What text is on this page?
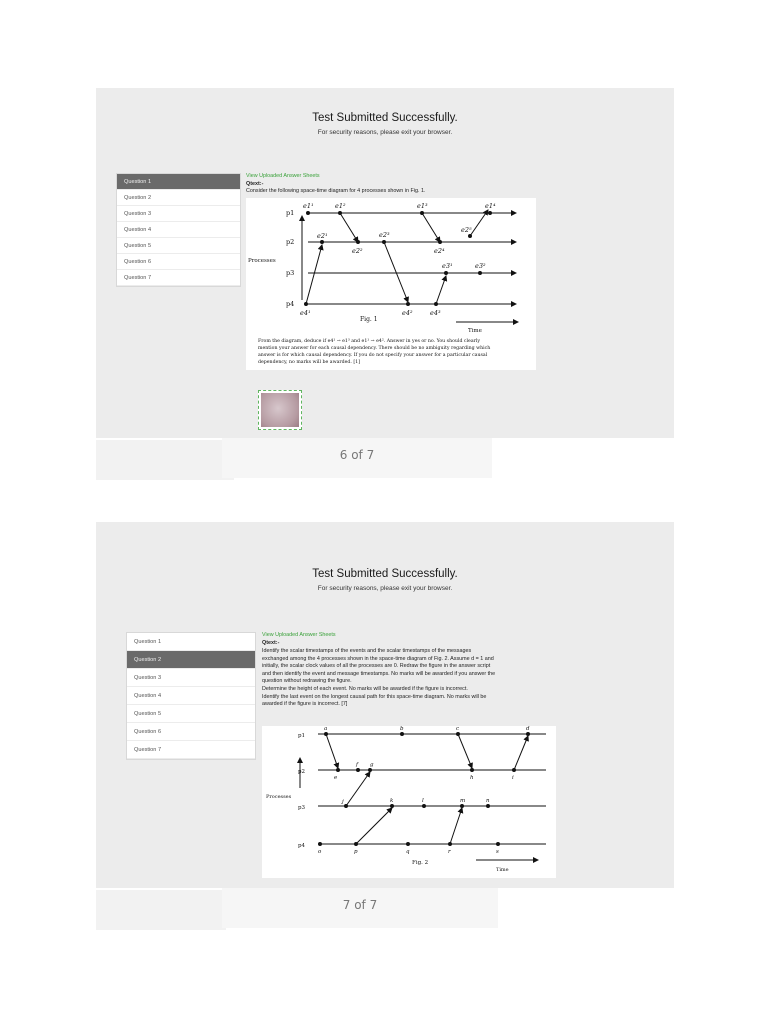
Test Submitted Successfully.
For security reasons, please exit your browser.
Question 1
Question 2
Question 3
Question 4
Question 5
Question 6
Question 7
View Uploaded Answer Sheets
Qtext:-
Consider the following space-time diagram for 4 processes shown in Fig. 1.
p1
p2
p3
p4
Processes
e1¹	e1²	e1³	e1⁴
e2¹
e2²
e2³
e2⁴
e2⁵
e3¹	e3²
e4¹	e4²	e4³
Fig. 1
Time
From the diagram, deduce if e4¹ → e1³ and e1¹ → e4². Answer in yes or no. You should clearly
mention your answer for each causal dependency. There should be no ambiguity regarding which
answer is for which causal dependency. If you do not specify your answer for a particular causal
dependency, no marks will be awarded. [1]
6 of 7
Test Submitted Successfully.
For security reasons, please exit your browser.
Question 1
Question 2
Question 3
Question 4
Question 5
Question 6
Question 7
View Uploaded Answer Sheets
Qtext:-
Identify the scalar timestamps of the events and the scalar timestamps of the messages
exchanged among the 4 processes shown in the space-time diagram of Fig. 2. Assume d = 1 and
initially, the scalar clock values of all the processes are 0. Redraw the figure in the answer script
and then identify the event and message timestamps. No marks will be awarded if you answer the
question without redrawing the figure.
Determine the height of each event. No marks will be awarded if the figure is incorrect.
Identify the last event on the longest causal path for this space-time diagram. No marks will be
awarded if the figure is incorrect. [7]
p1
p2
p3
p4
Processes
a	b	c	d
e
f g
h	i
j	k	l	m	n
o	p	q	r	s
Fig. 2
Time
7 of 7
